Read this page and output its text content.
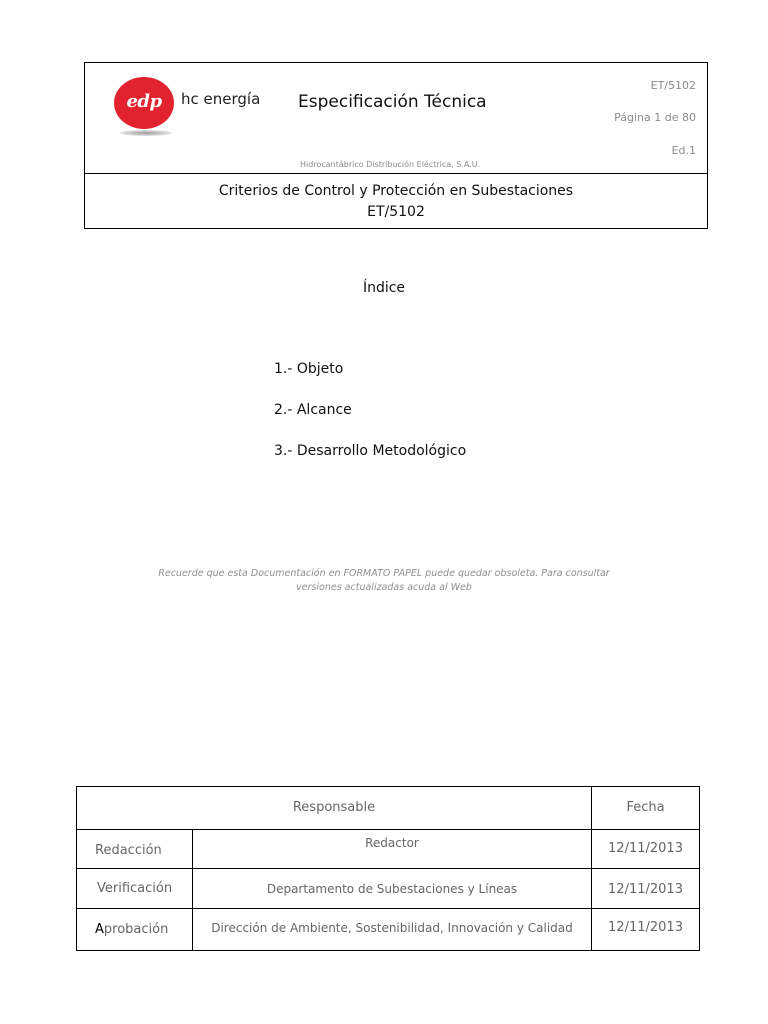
edp	hc energía Especificación Técnica
Hidrocantábrico Distribución Eléctrica, S.A.U.
ET/5102
Página 1 de 80
Ed.1
Criterios de Control y Protección en Subestaciones
ET/5102
Índice
1.- Objeto
2.- Alcance
3.- Desarrollo Metodológico
Recuerde que esta Documentación en FORMATO PAPEL puede quedar obsoleta. Para consultar versiones actualizadas acuda al Web
Responsable	Fecha
Redacción	Redactor	12/11/2013
Verificación	Departamento de Subestaciones y Líneas	12/11/2013
A probación	Dirección de Ambiente, Sostenibilidad, Innovación y Calidad	12/11/2013
